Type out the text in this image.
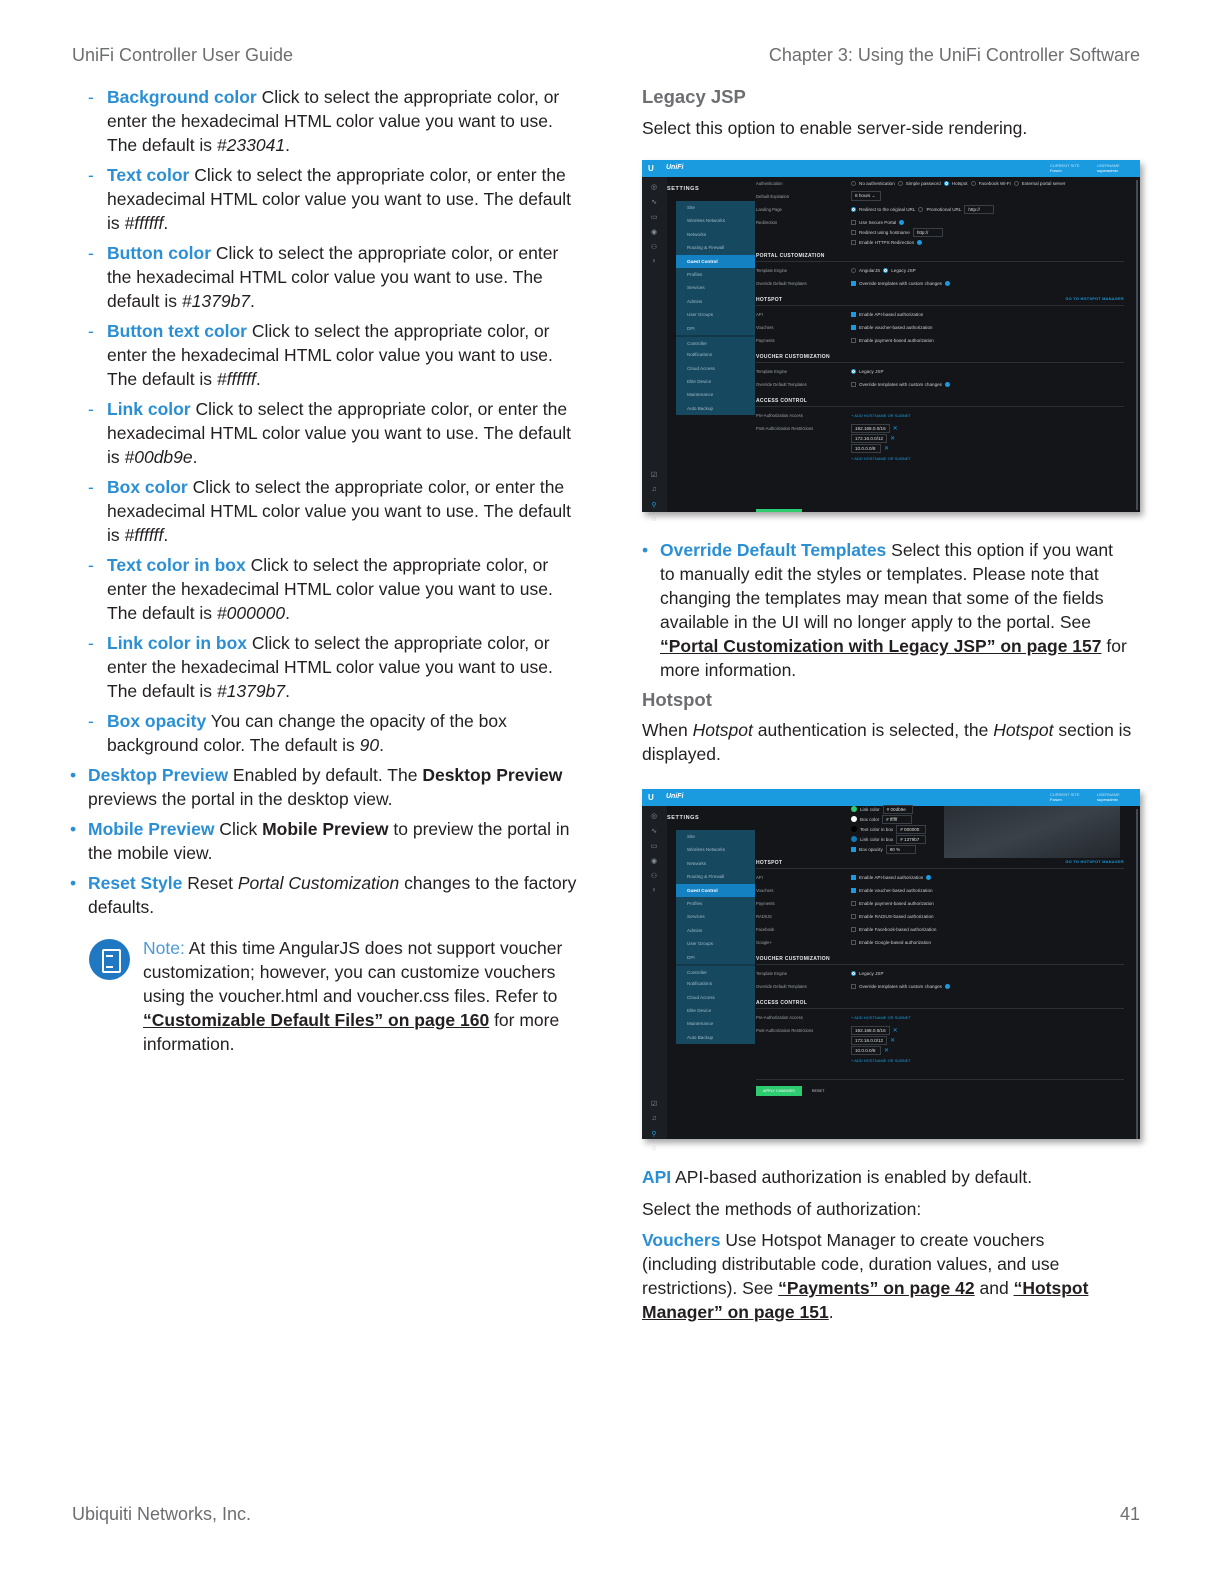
UniFi Controller User Guide	Chapter 3: Using the UniFi Controller Software
- Background color Click to select the appropriate color, or enter the hexadecimal HTML color value you want to use. The default is #233041.
- Text color Click to select the appropriate color, or enter the hexadecimal HTML color value you want to use. The default is #ffffff.
- Button color Click to select the appropriate color, or enter the hexadecimal HTML color value you want to use. The default is #1379b7.
- Button text color Click to select the appropriate color, or enter the hexadecimal HTML color value you want to use. The default is #ffffff.
- Link color Click to select the appropriate color, or enter the hexadecimal HTML color value you want to use. The default is #00db9e.
- Box color Click to select the appropriate color, or enter the hexadecimal HTML color value you want to use. The default is #ffffff.
- Text color in box Click to select the appropriate color, or enter the hexadecimal HTML color value you want to use. The default is #000000.
- Link color in box Click to select the appropriate color, or enter the hexadecimal HTML color value you want to use. The default is #1379b7.
- Box opacity You can change the opacity of the box background color. The default is 90.
• Desktop Preview Enabled by default. The Desktop Preview previews the portal in the desktop view.
• Mobile Preview Click Mobile Preview to preview the portal in the mobile view.
• Reset Style Reset Portal Customization changes to the factory defaults.
Note: At this time AngularJS does not support voucher customization; however, you can customize vouchers using the voucher.html and voucher.css files. Refer to “Customizable Default Files” on page 160 for more information.
Legacy JSP
Select this option to enable server-side rendering.
U UniFi	CURRENT SITE
Forum
USERNAME
superadmin
◎
∿
▭
◉
⚇
♀
☑
♫
⚲
◌
SETTINGS
Site
Wireless Networks
Networks
Routing & Firewall
Guest Control
Profiles
Services
Admins
User Groups
DPI
Controller
Notifications
Cloud Access
Elite Device
Maintenance
Auto Backup
Authentication	No authentication Simple password Hotspot Facebook Wi-Fi External portal server
Default Expiration	8 hours ⌄
Landing Page	Redirect to the original URL Promotional URL	http://
Redirection	Use Secure Portal
Redirect using hostname	http://
Enable HTTPS Redirection
PORTAL CUSTOMIZATION
Template Engine	AngularJS Legacy JSP
Override Default Templates	Override templates with custom changes
HOTSPOT	GO TO HOTSPOT MANAGER
API	Enable API-based authorization
Vouchers	Enable voucher-based authorization
Payments	Enable payment-based authorization
VOUCHER CUSTOMIZATION
Template Engine	Legacy JSP
Override Default Templates	Override templates with custom changes
ACCESS CONTROL
Pre-Authorization Access	+ ADD HOSTNAME OR SUBNET
Post-Authorization Restrictions	192.168.0.0/16	✕
172.16.0.0/12	✕
10.0.0.0/8	✕
+ ADD HOSTNAME OR SUBNET
• Override Default Templates Select this option if you want to manually edit the styles or templates. Please note that changing the templates may mean that some of the fields available in the UI will no longer apply to the portal. See “Portal Customization with Legacy JSP” on page 157 for more information.
Hotspot
When Hotspot authentication is selected, the Hotspot section is displayed.
U UniFi	CURRENT SITE
Forum
USERNAME
superadmin
◎
∿
▭
◉
⚇
♀
☑
♫
⚲
◌
SETTINGS
Site
Wireless Networks
Networks
Routing & Firewall
Guest Control
Profiles
Services
Admins
User Groups
DPI
Controller
Notifications
Cloud Access
Elite Device
Maintenance
Auto Backup
Link color	# 00db9e
Box color	# ffffff
Text color in box	# 000000
Link color in box	# 1379b7
Box opacity	90 %
HOTSPOT	GO TO HOTSPOT MANAGER
API	Enable API-based authorization
Vouchers	Enable voucher-based authorization
Payments	Enable payment-based authorization
RADIUS	Enable RADIUS-based authorization
Facebook	Enable Facebook-based authorization
Google+	Enable Google-based authorization
VOUCHER CUSTOMIZATION
Template Engine	Legacy JSP
Override Default Templates	Override templates with custom changes
ACCESS CONTROL
Pre-Authorization Access	+ ADD HOSTNAME OR SUBNET
Post-Authorization Restrictions	192.168.0.0/16	✕
172.16.0.0/12	✕
10.0.0.0/8	✕
+ ADD HOSTNAME OR SUBNET
APPLY CHANGES	RESET
API API-based authorization is enabled by default.
Select the methods of authorization:
Vouchers Use Hotspot Manager to create vouchers (including distributable code, duration values, and use restrictions). See “Payments” on page 42 and “Hotspot Manager” on page 151.
Ubiquiti Networks, Inc.	41
